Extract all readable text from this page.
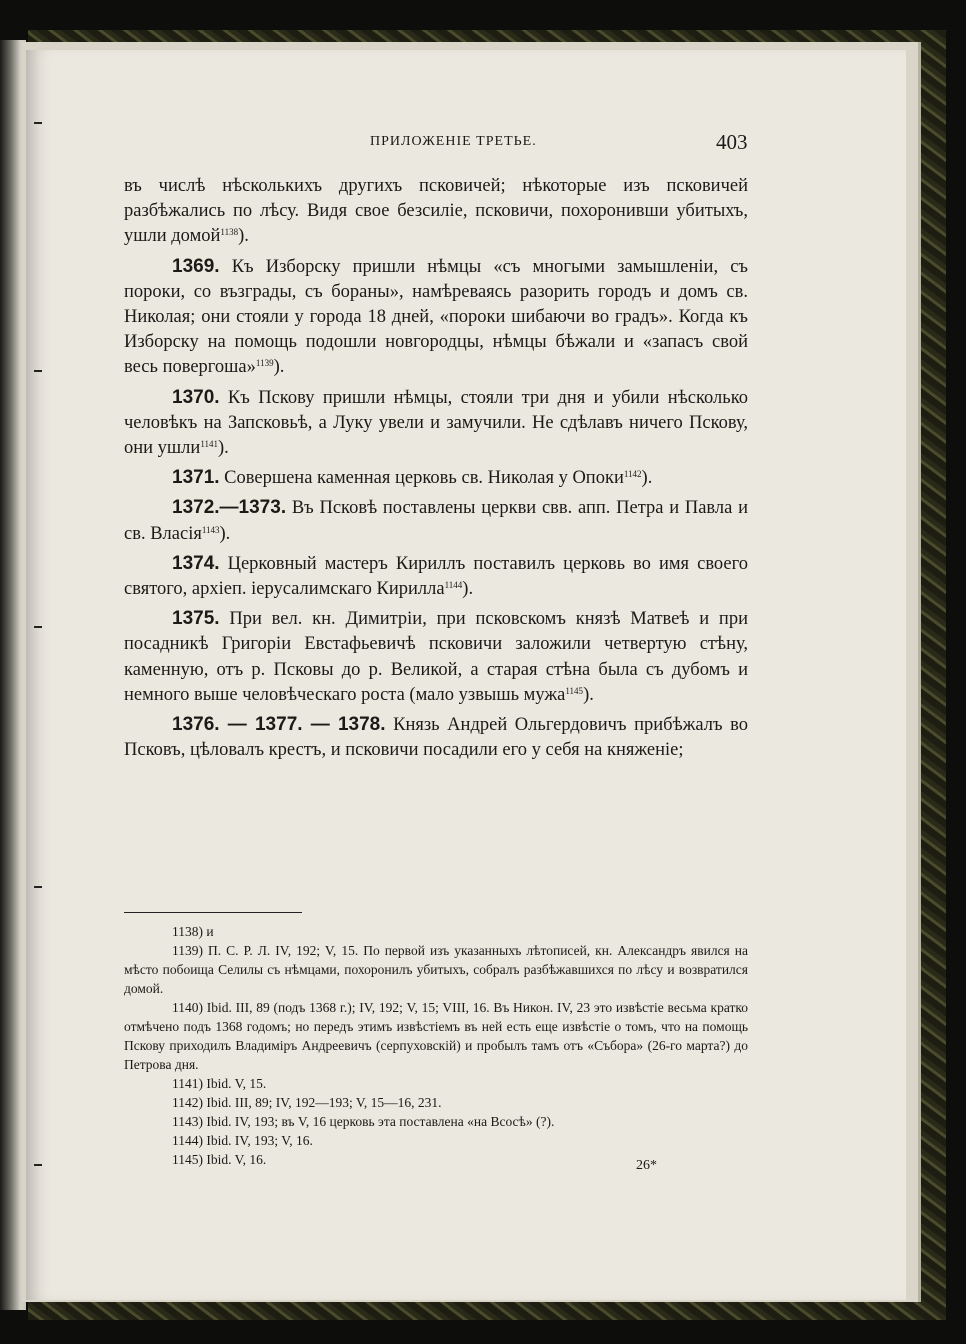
ПРИЛОЖЕНІЕ ТРЕТЬЕ.	403

въ числѣ нѣсколькихъ другихъ псковичей; нѣкоторые изъ псковичей разбѣжались по лѣсу. Видя свое безсиліе, псковичи, похоронивши убитыхъ, ушли домой$^{1138}$).

1369. Къ Изборску пришли нѣмцы «съ многыми замышленіи, съ пороки, со възграды, съ бораны», намѣреваясь разорить городъ и домъ св. Николая; они стояли у города 18 дней, «пороки шибаючи во градъ». Когда къ Изборску на помощь подошли новгородцы, нѣмцы бѣжали и «запасъ свой весь повергоша»$^{1139}$).

1370. Къ Пскову пришли нѣмцы, стояли три дня и убили нѣсколько человѣкъ на Запсковьѣ, а Луку увели и замучили. Не сдѣлавъ ничего Пскову, они ушли$^{1141}$).

1371. Совершена каменная церковь св. Николая у Опоки$^{1142}$).

1372.—1373. Въ Псковѣ поставлены церкви свв. апп. Петра и Павла и св. Власія$^{1143}$).

1374. Церковный мастеръ Кириллъ поставилъ церковь во имя своего святого, архіеп. іерусалимскаго Кирилла$^{1144}$).

1375. При вел. кн. Димитріи, при псковскомъ князѣ Матвеѣ и при посадникѣ Григоріи Евстафьевичѣ псковичи заложили четвертую стѣну, каменную, отъ р. Псковы до р. Великой, а старая стѣна была съ дубомъ и немного выше человѣческаго роста (мало узвышь мужа$^{1145}$).

1376. — 1377. — 1378. Князь Андрей Ольгердовичъ прибѣжалъ во Псковъ, цѣловалъ крестъ, и псковичи посадили его у себя на княженіе;

1138) и

1139) П. С. Р. Л. IV, 192; V, 15. По первой изъ указанныхъ лѣтописей, кн. Александръ явился на мѣсто побоища Селилы съ нѣмцами, похоронилъ убитыхъ, собралъ разбѣжавшихся по лѣсу и возвратился домой.

1140) Ibid. III, 89 (подъ 1368 г.); IV, 192; V, 15; VIII, 16. Въ Никон. IV, 23 это извѣстіе весьма кратко отмѣчено подъ 1368 годомъ; но передъ этимъ извѣстіемъ въ ней есть еще извѣстіе о томъ, что на помощь Пскову приходилъ Владиміръ Андреевичъ (серпуховскій) и пробылъ тамъ отъ «Събора» (26-го марта?) до Петрова дня.

1141) Ibid. V, 15.

1142) Ibid. III, 89; IV, 192—193; V, 15—16, 231.

1143) Ibid. IV, 193; въ V, 16 церковь эта поставлена «на Всосѣ» (?).

1144) Ibid. IV, 193; V, 16.

1145) Ibid. V, 16.	26*
